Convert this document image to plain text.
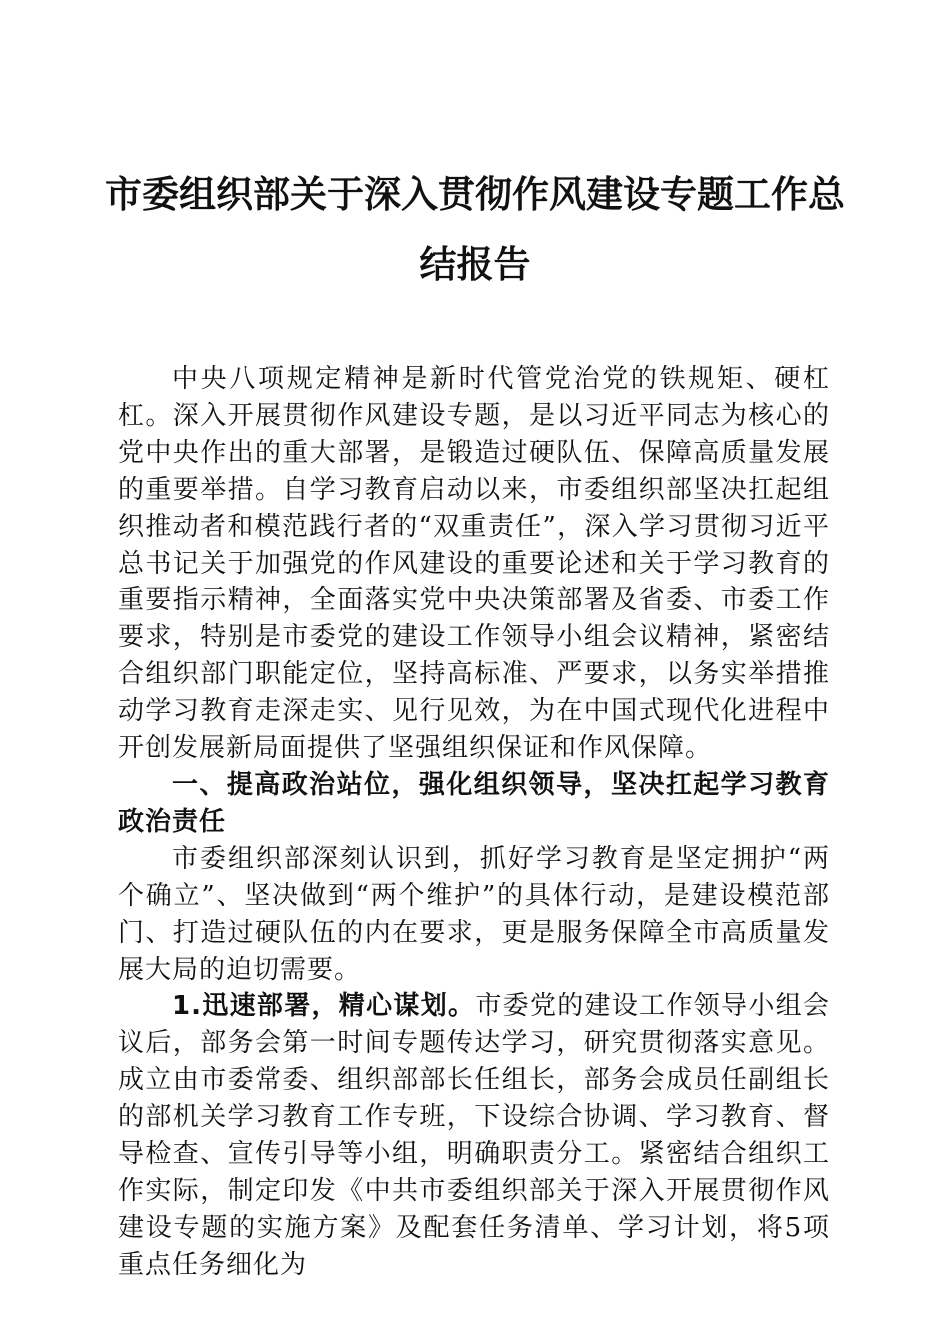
市委组织部关于深入贯彻作风建设专题工作总
结报告

中央八项规定精神是新时代管党治党的铁规矩、硬杠杠。深入开展贯彻作风建设专题，是以习近平同志为核心的党中央作出的重大部署，是锻造过硬队伍、保障高质量发展的重要举措。自学习教育启动以来，市委组织部坚决扛起组织推动者和模范践行者的“双重责任”，深入学习贯彻习近平总书记关于加强党的作风建设的重要论述和关于学习教育的重要指示精神，全面落实党中央决策部署及省委、市委工作要求，特别是市委党的建设工作领导小组会议精神，紧密结合组织部门职能定位，坚持高标准、严要求，以务实举措推动学习教育走深走实、见行见效，为在中国式现代化进程中开创发展新局面提供了坚强组织保证和作风保障。

一、提高政治站位，强化组织领导，坚决扛起学习教育政治责任

市委组织部深刻认识到，抓好学习教育是坚定拥护“两个确立”、坚决做到“两个维护”的具体行动，是建设模范部门、打造过硬队伍的内在要求，更是服务保障全市高质量发展大局的迫切需要。

1.迅速部署，精心谋划。市委党的建设工作领导小组会议后，部务会第一时间专题传达学习，研究贯彻落实意见。成立由市委常委、组织部部长任组长，部务会成员任副组长的部机关学习教育工作专班，下设综合协调、学习教育、督导检查、宣传引导等小组，明确职责分工。紧密结合组织工作实际，制定印发《中共市委组织部关于深入开展贯彻作风建设专题的实施方案》及配套任务清单、学习计划，将5项重点任务细化为
